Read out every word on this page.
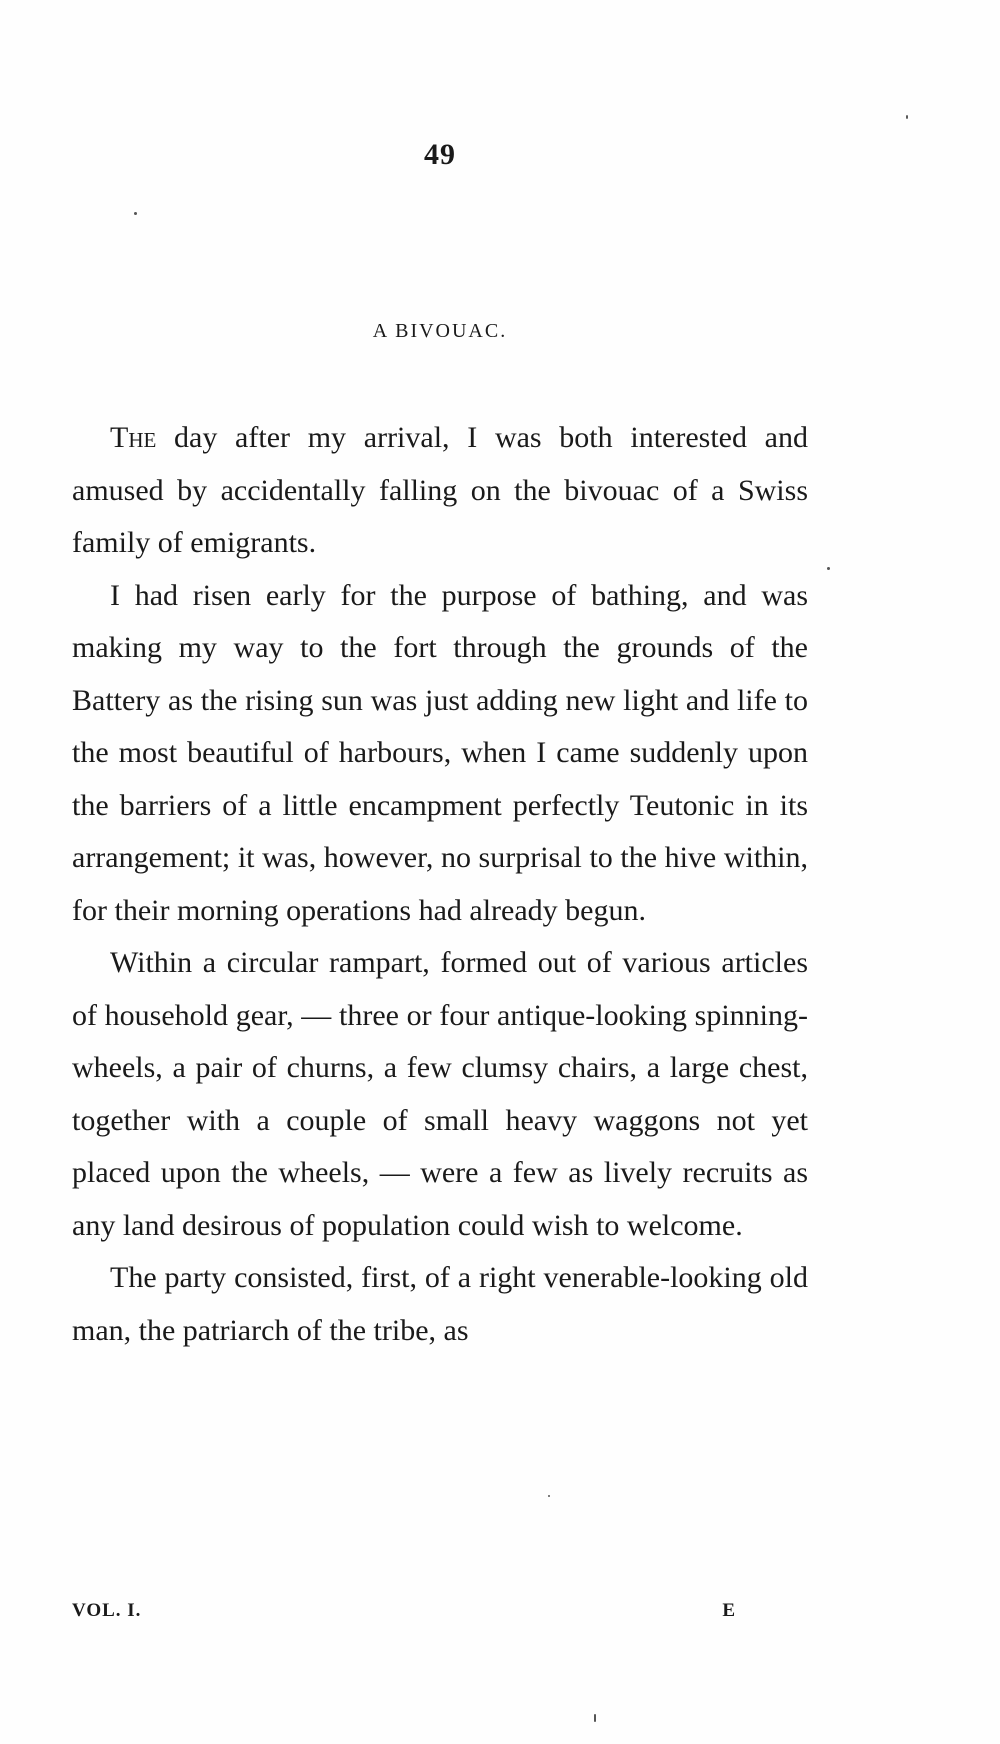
49
A BIVOUAC.

The day after my arrival, I was both interested and amused by accidentally falling on the bivouac of a Swiss family of emigrants.

I had risen early for the purpose of bathing, and was making my way to the fort through the grounds of the Battery as the rising sun was just adding new light and life to the most beautiful of harbours, when I came suddenly upon the barriers of a little encampment perfectly Teutonic in its arrangement; it was, however, no surprisal to the hive within, for their morning operations had already begun.

Within a circular rampart, formed out of various articles of household gear, — three or four antique-looking spinning-wheels, a pair of churns, a few clumsy chairs, a large chest, together with a couple of small heavy waggons not yet placed upon the wheels, — were a few as lively recruits as any land desirous of population could wish to welcome.

The party consisted, first, of a right venerable-looking old man, the patriarch of the tribe, as

VOL. I.	E
